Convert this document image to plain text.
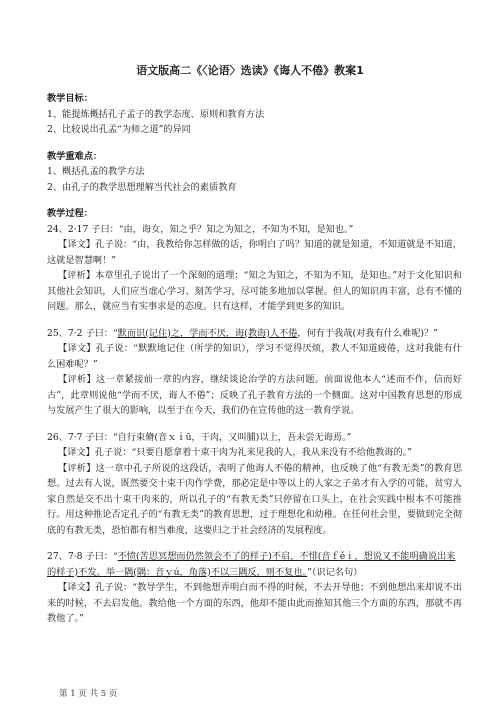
语文版高二《〈论语〉选读》《诲人不倦》教案1
教学目标：
1、能提炼概括孔子孟子的教学态度、原则和教育方法
2、比较说出孔孟“为师之道”的异同
教学重难点：
1、概括孔孟的教学方法
2、由孔子的教学思想理解当代社会的素质教育
教学过程：
24、2·17 子曰：“由，诲女，知之乎？知之为知之，不知为不知，是知也。”
【译文】孔子说：“由，我教给你怎样做的话，你明白了吗？知道的就是知道，不知道就是不知道，这就是智慧啊！”
【评析】本章里孔子说出了一个深刻的道理：“知之为知之，不知为不知，是知也。”对于文化知识和其他社会知识，人们应当虚心学习、刻苦学习，尽可能多地加以掌握。但人的知识再丰富，总有不懂的问题。那么，就应当有实事求是的态度。只有这样，才能学到更多的知识。
25、7·2 子曰：“默而识(记住)之，学而不厌，诲(教诲)人不倦，何有于我哉(对我有什么难呢)？”
【译文】孔子说：“默默地记住（所学的知识），学习不觉得厌烦，教人不知道疲倦，这对我能有什么困难呢？”
【评析】这一章紧接前一章的内容，继续谈论治学的方法问题。前面说他本人“述而不作，信而好古”，此章则说他“学而不厌，诲人不倦”；反映了孔子教育方法的一个侧面。这对中国教育思想的形成与发展产生了很大的影响，以至于在今天，我们仍在宣传他的这一教育学说。
26、7·7 子曰：“自行束脩(音ｘｉū，干肉，又叫脯)以上，吾未尝无诲焉。”
【译文】孔子说：“只要自愿拿着十束干肉为礼来见我的人，我从来没有不给他教诲的。”
【评析】这一章中孔子所说的这段话，表明了他诲人不倦的精神，也反映了他“有教无类”的教育思想。过去有人说，既然要交十束干肉作学费，那必定是中等以上的人家之子弟才有入学的可能，贫穷人家自然是交不出十束干肉来的，所以孔子的“有教无类”只停留在口头上，在社会实践中根本不可能推行。用这种推论否定孔子的“有教无类”的教育思想，过于理想化和幼稚。在任何社会里，要做到完全彻底的有教无类，恐怕都有相当难度，这要归之于社会经济的发展程度。
27、7·8 子曰：“不愤(苦思冥想而仍然领会不了的样子)不启，不悱(音ｆěｉ，想说又不能明确说出来的样子)不发。举一隅(隅：音ｙú，角落)不以三隅反，则不复也。”（识记名句）
【译文】孔子说：“教导学生，不到他想弄明白而不得的时候，不去开导他；不到他想出来却说不出来的时候，不去启发他。教给他一个方面的东西，他却不能由此而推知其他三个方面的东西，那就不再教他了。”
第 1 页 共 5 页
